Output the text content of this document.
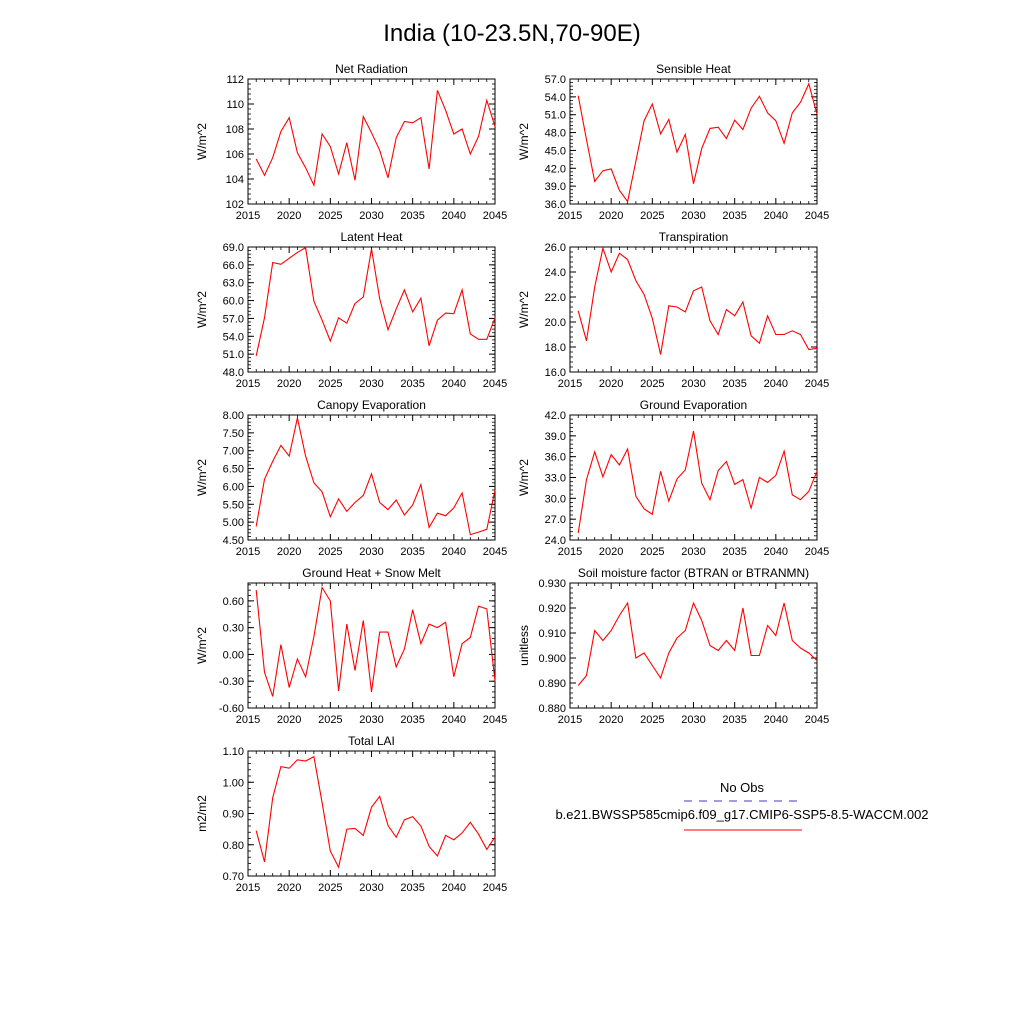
India (10-23.5N,70-90E)
Net Radiation
W/m^2
2015 2020 2025 2030 2035 2040 2045
102
104
106
108
110
112
Sensible Heat
W/m^2
2015 2020 2025 2030 2035 2040 2045
36.0
39.0
42.0
45.0
48.0
51.0
54.0
57.0
Latent Heat
W/m^2
2015 2020 2025 2030 2035 2040 2045
48.0
51.0
54.0
57.0
60.0
63.0
66.0
69.0
Transpiration
W/m^2
2015 2020 2025 2030 2035 2040 2045
16.0
18.0
20.0
22.0
24.0
26.0
Canopy Evaporation
W/m^2
2015 2020 2025 2030 2035 2040 2045
4.50
5.00
5.50
6.00
6.50
7.00
7.50
8.00
Ground Evaporation
W/m^2
2015 2020 2025 2030 2035 2040 2045
24.0
27.0
30.0
33.0
36.0
39.0
42.0
Ground Heat + Snow Melt
W/m^2
2015 2020 2025 2030 2035 2040 2045
-0.60
-0.30
0.00
0.30
0.60
Soil moisture factor (BTRAN or BTRANMN)
unitless
2015 2020 2025 2030 2035 2040 2045
0.880
0.890
0.900
0.910
0.920
0.930
Total LAI
m2/m2
2015 2020 2025 2030 2035 2040 2045
0.70
0.80
0.90
1.00
1.10
No Obs
b.e21.BWSSP585cmip6.f09_g17.CMIP6-SSP5-8.5-WACCM.002
